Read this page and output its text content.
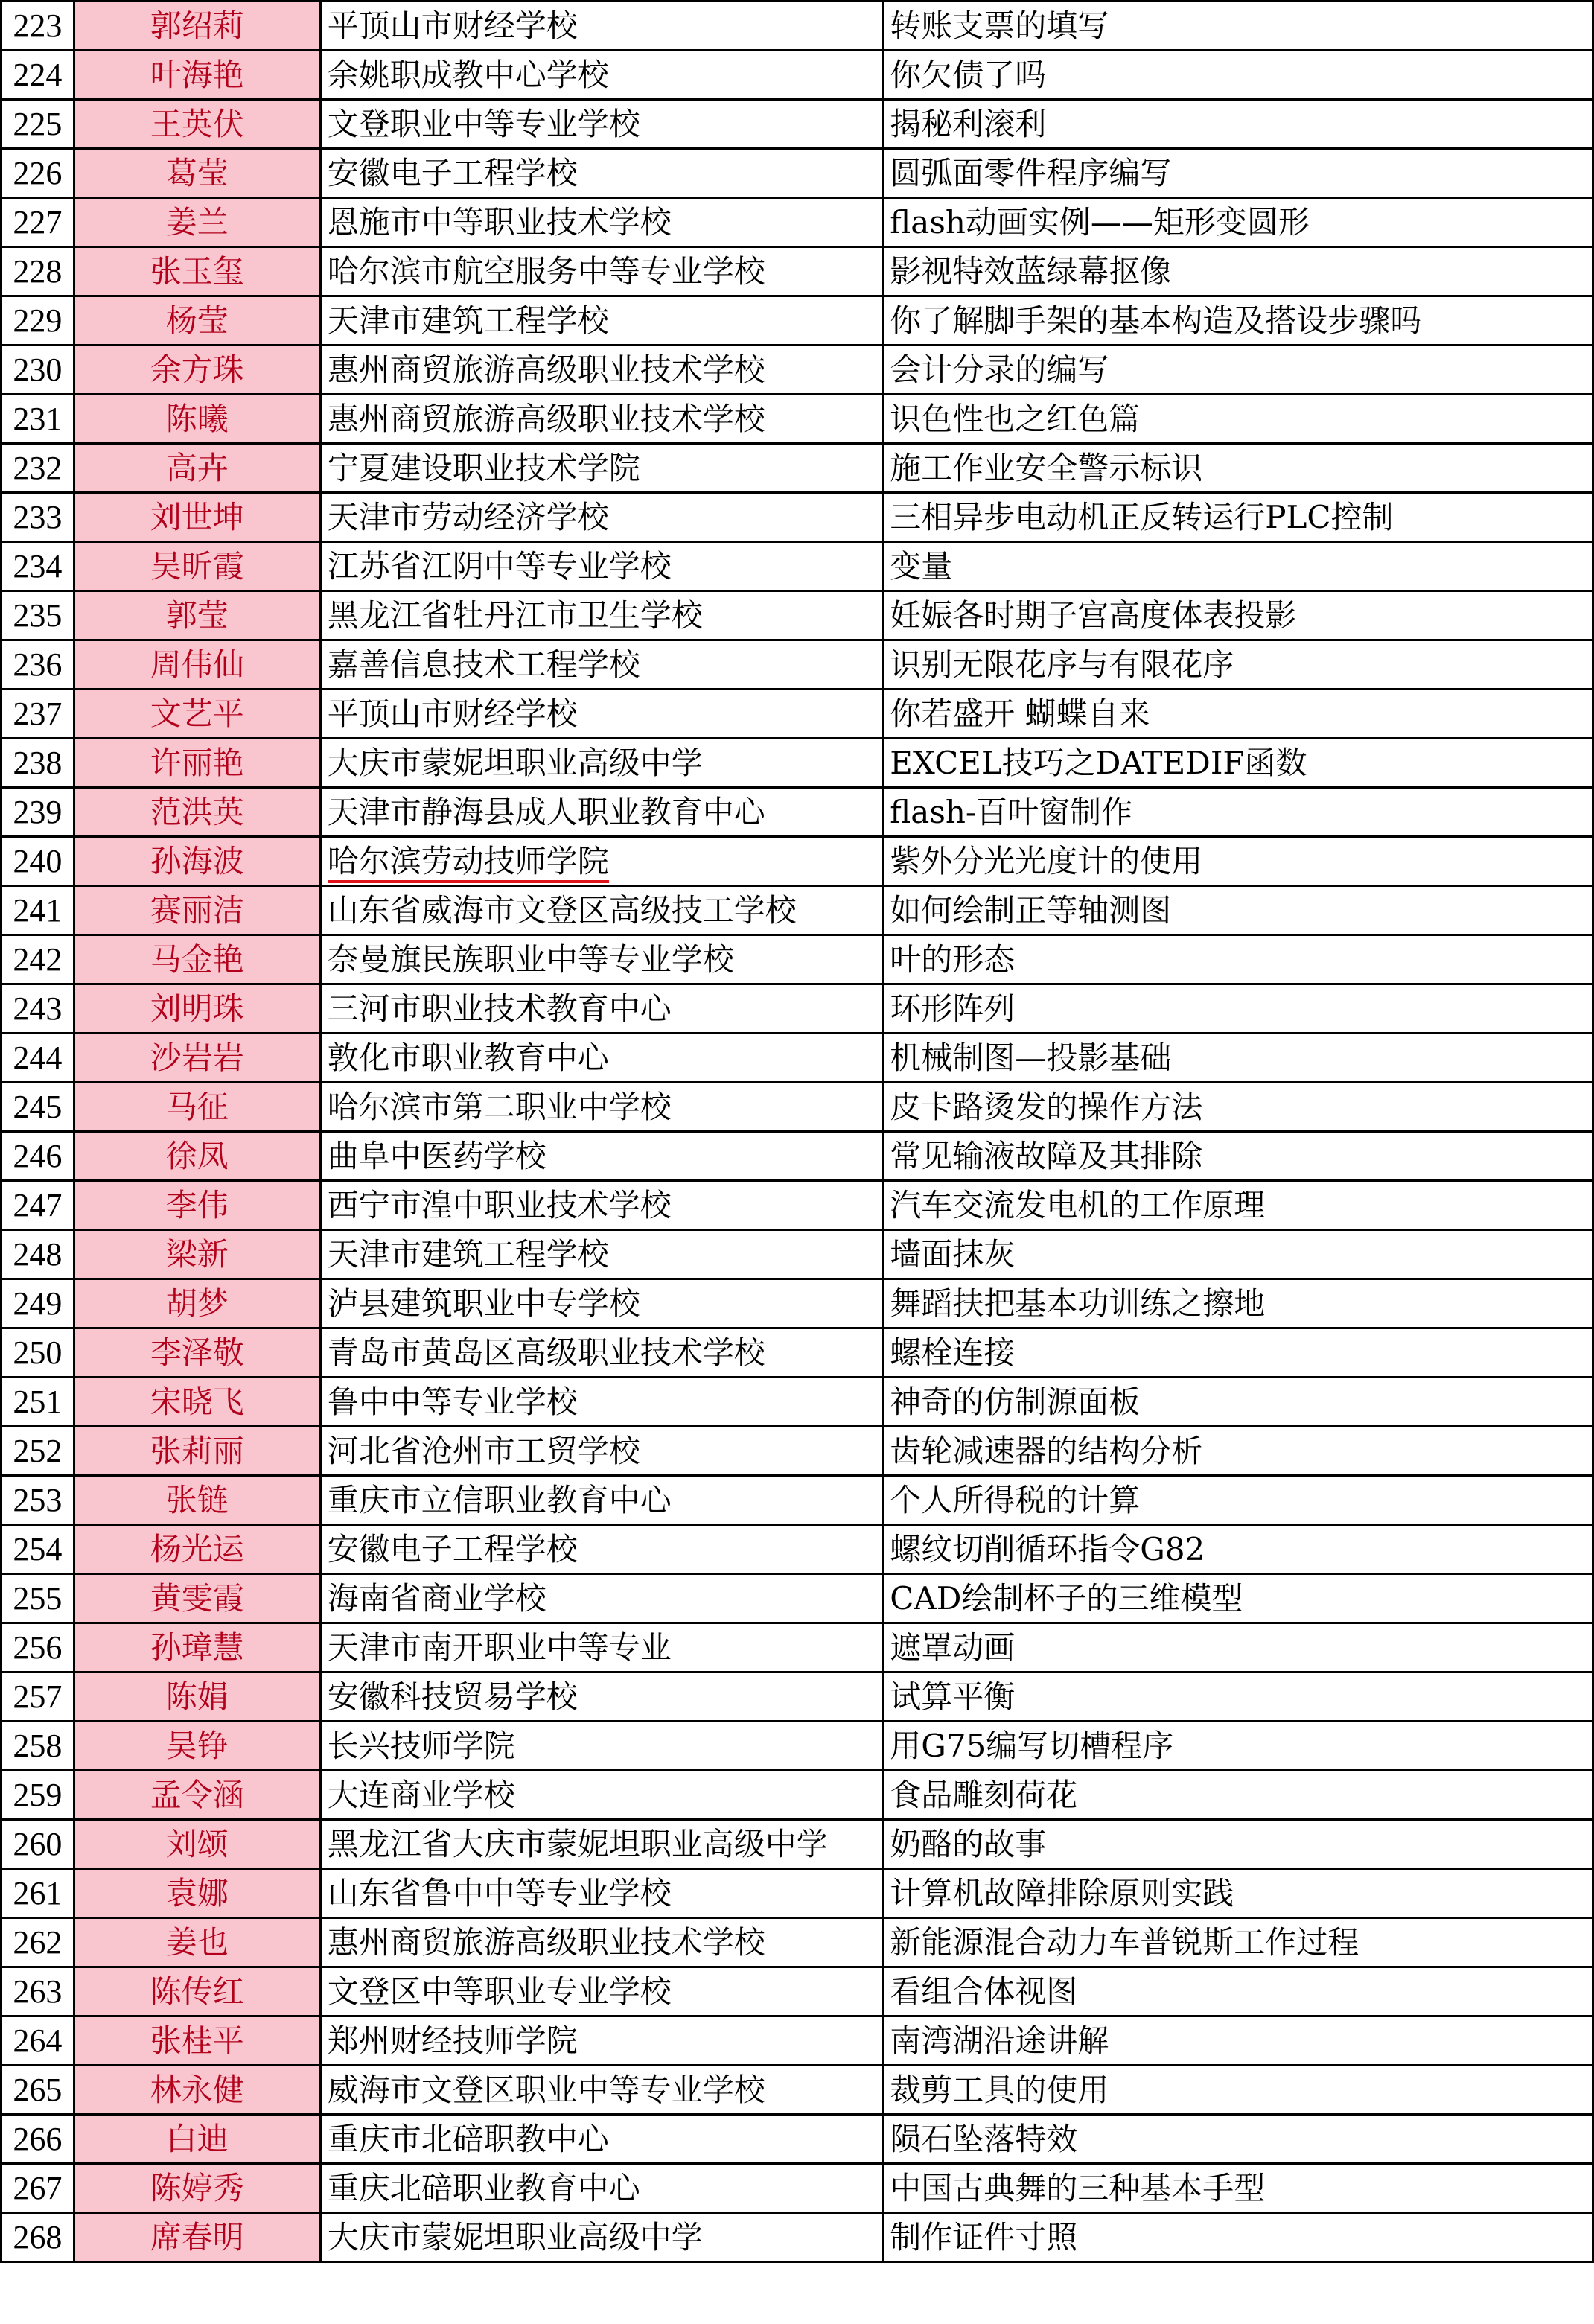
223	郭绍莉	平顶山市财经学校	转账支票的填写
224	叶海艳	余姚职成教中心学校	你欠债了吗
225	王英伏	文登职业中等专业学校	揭秘利滚利
226	葛莹	安徽电子工程学校	圆弧面零件程序编写
227	姜兰	恩施市中等职业技术学校	flash动画实例——矩形变圆形
228	张玉玺	哈尔滨市航空服务中等专业学校	影视特效蓝绿幕抠像
229	杨莹	天津市建筑工程学校	你了解脚手架的基本构造及搭设步骤吗
230	余方珠	惠州商贸旅游高级职业技术学校	会计分录的编写
231	陈曦	惠州商贸旅游高级职业技术学校	识色性也之红色篇
232	高卉	宁夏建设职业技术学院	施工作业安全警示标识
233	刘世坤	天津市劳动经济学校	三相异步电动机正反转运行PLC控制
234	吴昕霞	江苏省江阴中等专业学校	变量
235	郭莹	黑龙江省牡丹江市卫生学校	妊娠各时期子宫高度体表投影
236	周伟仙	嘉善信息技术工程学校	识别无限花序与有限花序
237	文艺平	平顶山市财经学校	你若盛开 蝴蝶自来
238	许丽艳	大庆市蒙妮坦职业高级中学	EXCEL技巧之DATEDIF函数
239	范洪英	天津市静海县成人职业教育中心	flash-百叶窗制作
240	孙海波	哈尔滨劳动技师学院	紫外分光光度计的使用
241	赛丽洁	山东省威海市文登区高级技工学校	如何绘制正等轴测图
242	马金艳	奈曼旗民族职业中等专业学校	叶的形态
243	刘明珠	三河市职业技术教育中心	环形阵列
244	沙岩岩	敦化市职业教育中心	机械制图—投影基础
245	马征	哈尔滨市第二职业中学校	皮卡路烫发的操作方法
246	徐凤	曲阜中医药学校	常见输液故障及其排除
247	李伟	西宁市湟中职业技术学校	汽车交流发电机的工作原理
248	梁新	天津市建筑工程学校	墙面抹灰
249	胡梦	泸县建筑职业中专学校	舞蹈扶把基本功训练之擦地
250	李泽敬	青岛市黄岛区高级职业技术学校	螺栓连接
251	宋晓飞	鲁中中等专业学校	神奇的仿制源面板
252	张莉丽	河北省沧州市工贸学校	齿轮减速器的结构分析
253	张链	重庆市立信职业教育中心	个人所得税的计算
254	杨光运	安徽电子工程学校	螺纹切削循环指令G82
255	黄雯霞	海南省商业学校	CAD绘制杯子的三维模型
256	孙璋慧	天津市南开职业中等专业	遮罩动画
257	陈娟	安徽科技贸易学校	试算平衡
258	吴铮	长兴技师学院	用G75编写切槽程序
259	孟令涵	大连商业学校	食品雕刻荷花
260	刘颂	黑龙江省大庆市蒙妮坦职业高级中学	奶酪的故事
261	袁娜	山东省鲁中中等专业学校	计算机故障排除原则实践
262	姜也	惠州商贸旅游高级职业技术学校	新能源混合动力车普锐斯工作过程
263	陈传红	文登区中等职业专业学校	看组合体视图
264	张桂平	郑州财经技师学院	南湾湖沿途讲解
265	林永健	威海市文登区职业中等专业学校	裁剪工具的使用
266	白迪	重庆市北碚职教中心	陨石坠落特效
267	陈婷秀	重庆北碚职业教育中心	中国古典舞的三种基本手型
268	席春明	大庆市蒙妮坦职业高级中学	制作证件寸照
